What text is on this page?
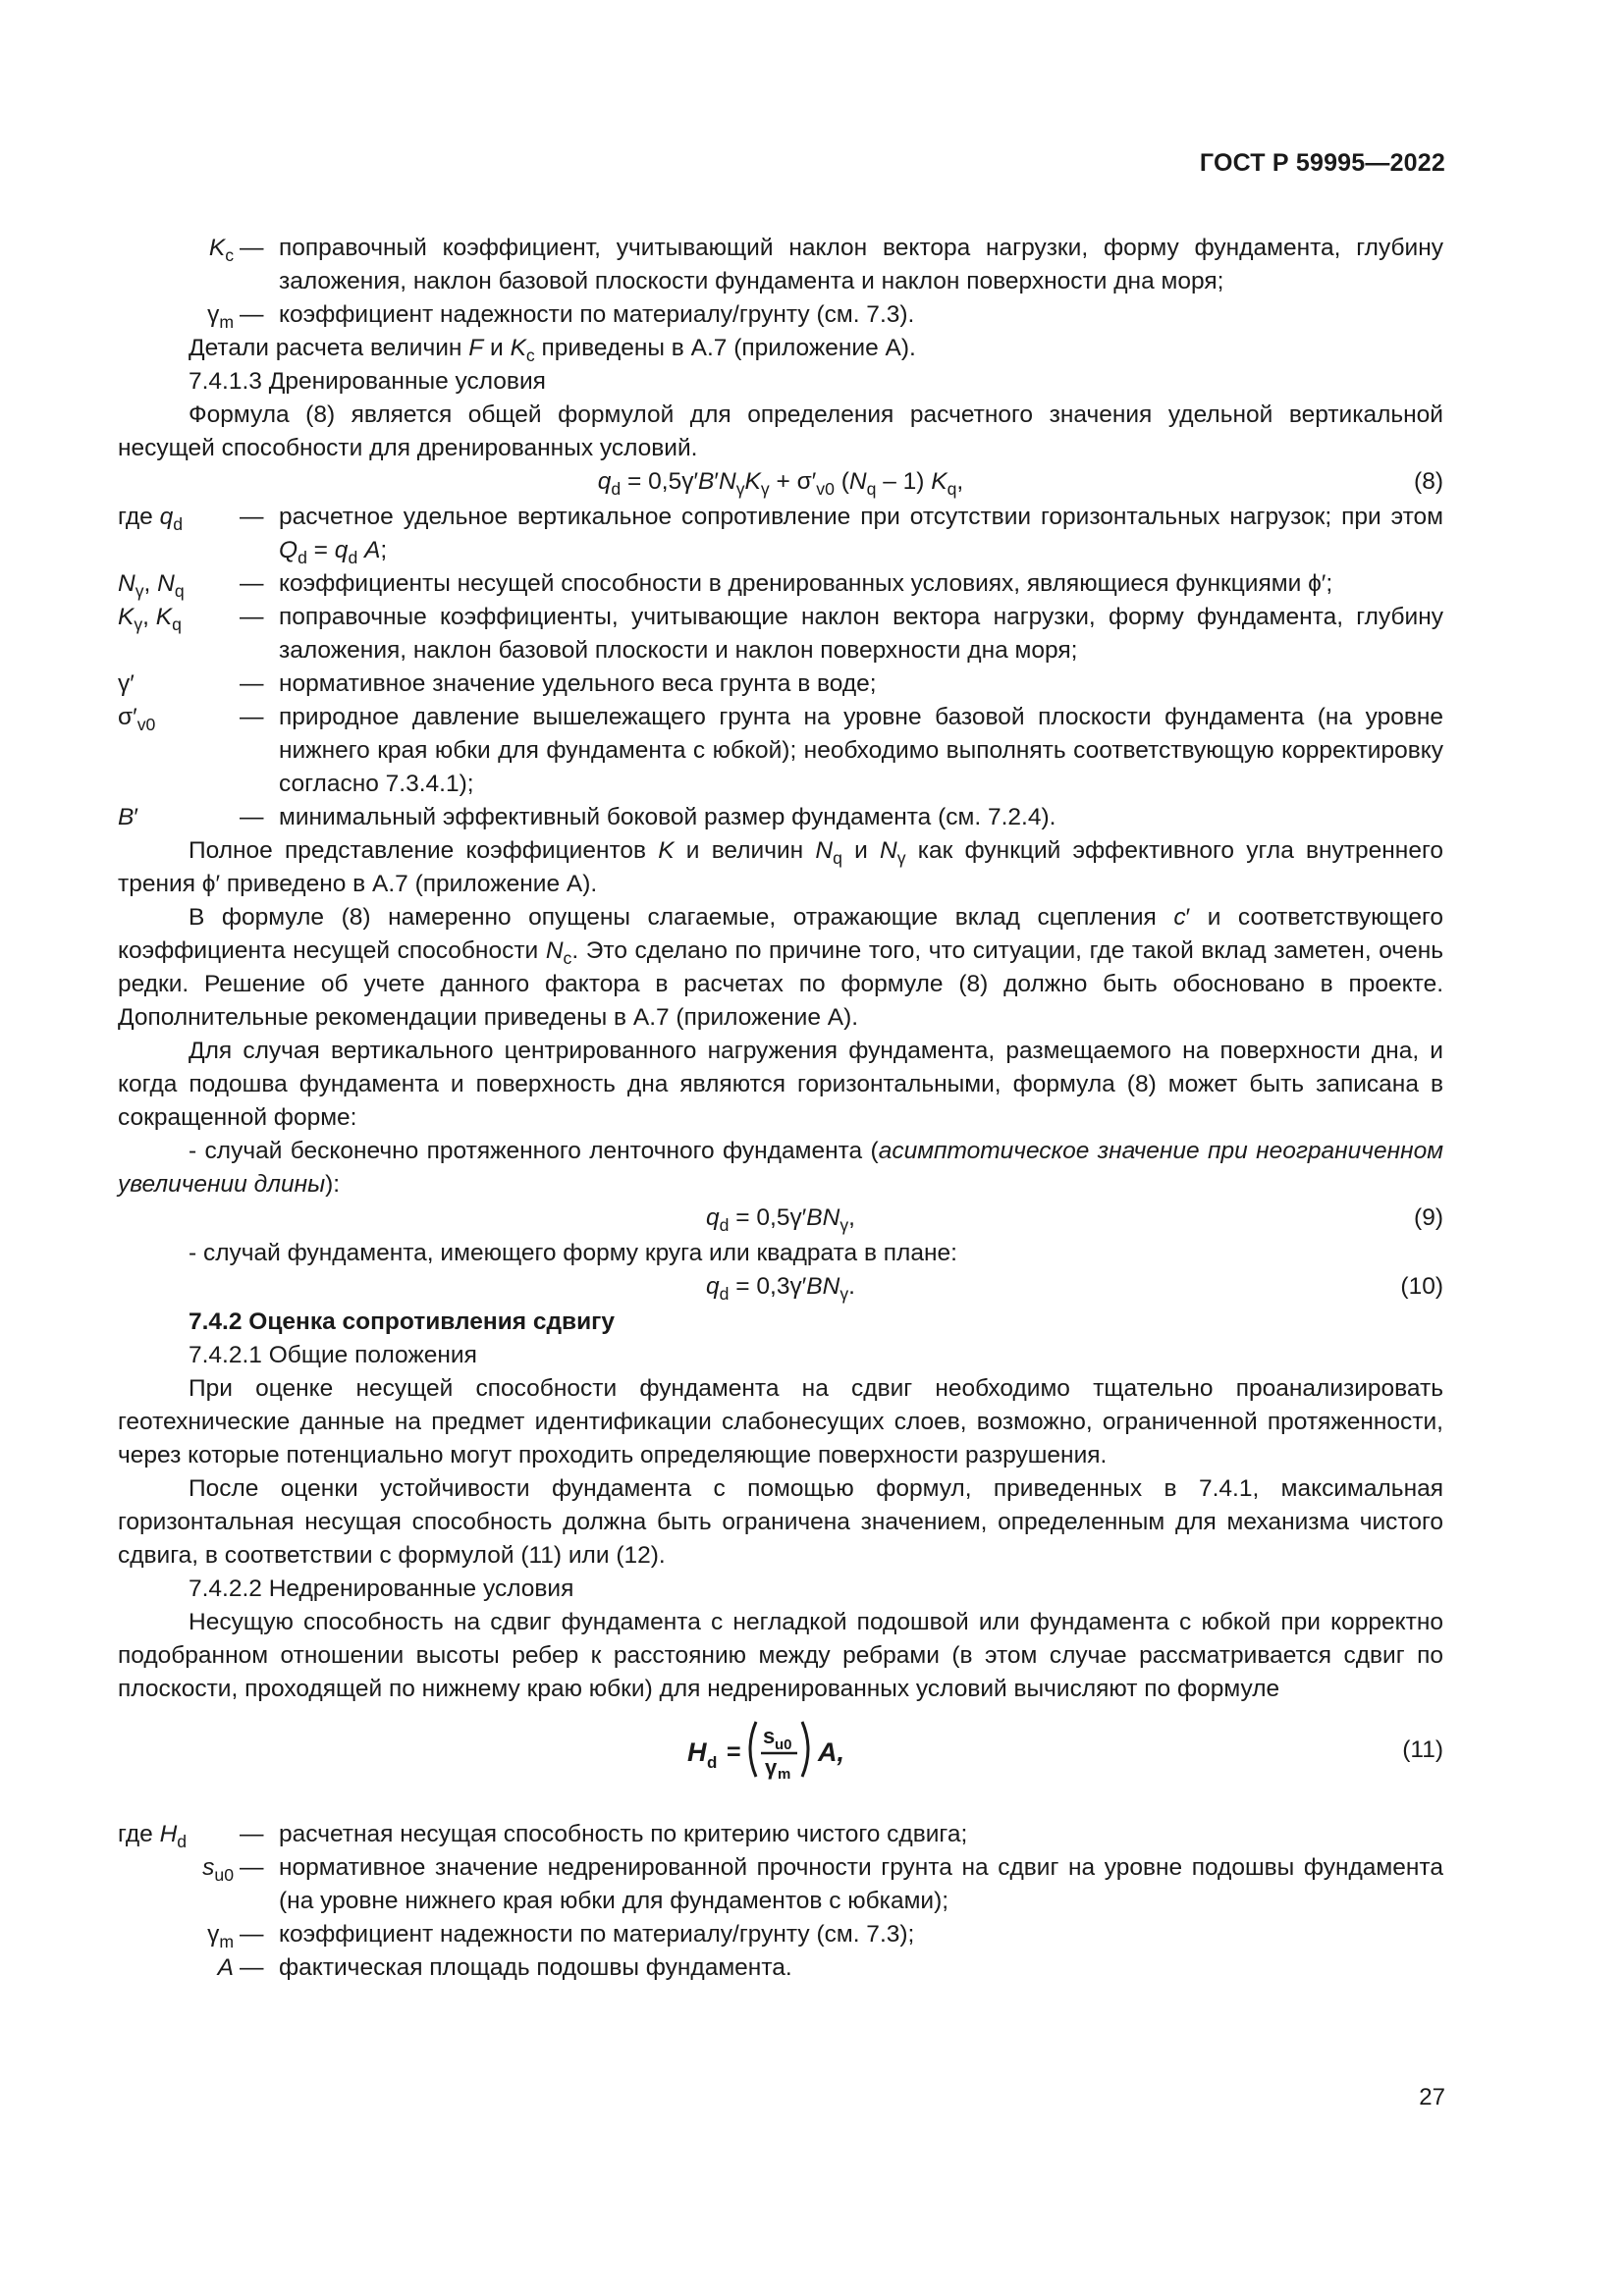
ГОСТ Р 59995—2022
$K_c$ — поправочный коэффициент, учитывающий наклон вектора нагрузки, форму фундамента, глубину заложения, наклон базовой плоскости фундамента и наклон поверхности дна моря;
$\gamma_m$ — коэффициент надежности по материалу/грунту (см. 7.3).

Детали расчета величин F и $K_c$ приведены в А.7 (приложение А).

7.4.1.3 Дренированные условия

Формула (8) является общей формулой для определения расчетного значения удельной вертикальной несущей способности для дренированных условий.

$q_d = 0,5\gamma'B'N_\gamma K_\gamma + \sigma'_{v0}$ $(N_q - 1)$ $K_q$,	(8)
где $q_d$	— расчетное удельное вертикальное сопротивление при отсутствии горизонтальных нагрузок; при этом $Q_d = q_d$ A;
$N_\gamma$, $N_q$	— коэффициенты несущей способности в дренированных условиях, являющиеся функциями ϕ′;
$K_\gamma$, $K_q$	— поправочные коэффициенты, учитывающие наклон вектора нагрузки, форму фундамента, глубину заложения, наклон базовой плоскости и наклон поверхности дна моря;
γ′	— нормативное значение удельного веса грунта в воде;
$\sigma'_{v0}$	— природное давление вышележащего грунта на уровне базовой плоскости фундамента (на уровне нижнего края юбки для фундамента с юбкой); необходимо выполнять соответствующую корректировку согласно 7.3.4.1);
B′	— минимальный эффективный боковой размер фундамента (см. 7.2.4).

Полное представление коэффициентов K и величин $N_q$ и $N_\gamma$ как функций эффективного угла внутреннего трения ϕ′ приведено в А.7 (приложение А).

В формуле (8) намеренно опущены слагаемые, отражающие вклад сцепления c′ и соответствующего коэффициента несущей способности $N_c$. Это сделано по причине того, что ситуации, где такой вклад заметен, очень редки. Решение об учете данного фактора в расчетах по формуле (8) должно быть обосновано в проекте. Дополнительные рекомендации приведены в А.7 (приложение А).

Для случая вертикального центрированного нагружения фундамента, размещаемого на поверхности дна, и когда подошва фундамента и поверхность дна являются горизонтальными, формула (8) может быть записана в сокращенной форме:

- случай бесконечно протяженного ленточного фундамента (асимптотическое значение при неограниченном увеличении длины):

$q_d = 0,5\gamma'BN_\gamma$,	(9)

- случай фундамента, имеющего форму круга или квадрата в плане:

$q_d = 0,3\gamma'BN_\gamma$.	(10)

7.4.2 Оценка сопротивления сдвигу

7.4.2.1 Общие положения

При оценке несущей способности фундамента на сдвиг необходимо тщательно проанализировать геотехнические данные на предмет идентификации слабонесущих слоев, возможно, ограниченной протяженности, через которые потенциально могут проходить определяющие поверхности разрушения.

После оценки устойчивости фундамента с помощью формул, приведенных в 7.4.1, максимальная горизонтальная несущая способность должна быть ограничена значением, определенным для механизма чистого сдвига, в соответствии с формулой (11) или (12).

7.4.2.2 Недренированные условия

Несущую способность на сдвиг фундамента с негладкой подошвой или фундамента с юбкой при корректно подобранном отношении высоты ребер к расстоянию между ребрами (в этом случае рассматривается сдвиг по плоскости, проходящей по нижнему краю юбки) для недренированных условий вычисляют по формуле

H d =
s u0
γ m
A,	(11)
где $H_d$	— расчетная несущая способность по критерию чистого сдвига;
$s_{u0}$ — нормативное значение недренированной прочности грунта на сдвиг на уровне подошвы фундамента (на уровне нижнего края юбки для фундаментов с юбками);
$\gamma_m$ — коэффициент надежности по материалу/грунту (см. 7.3);
A — фактическая площадь подошвы фундамента.
27
